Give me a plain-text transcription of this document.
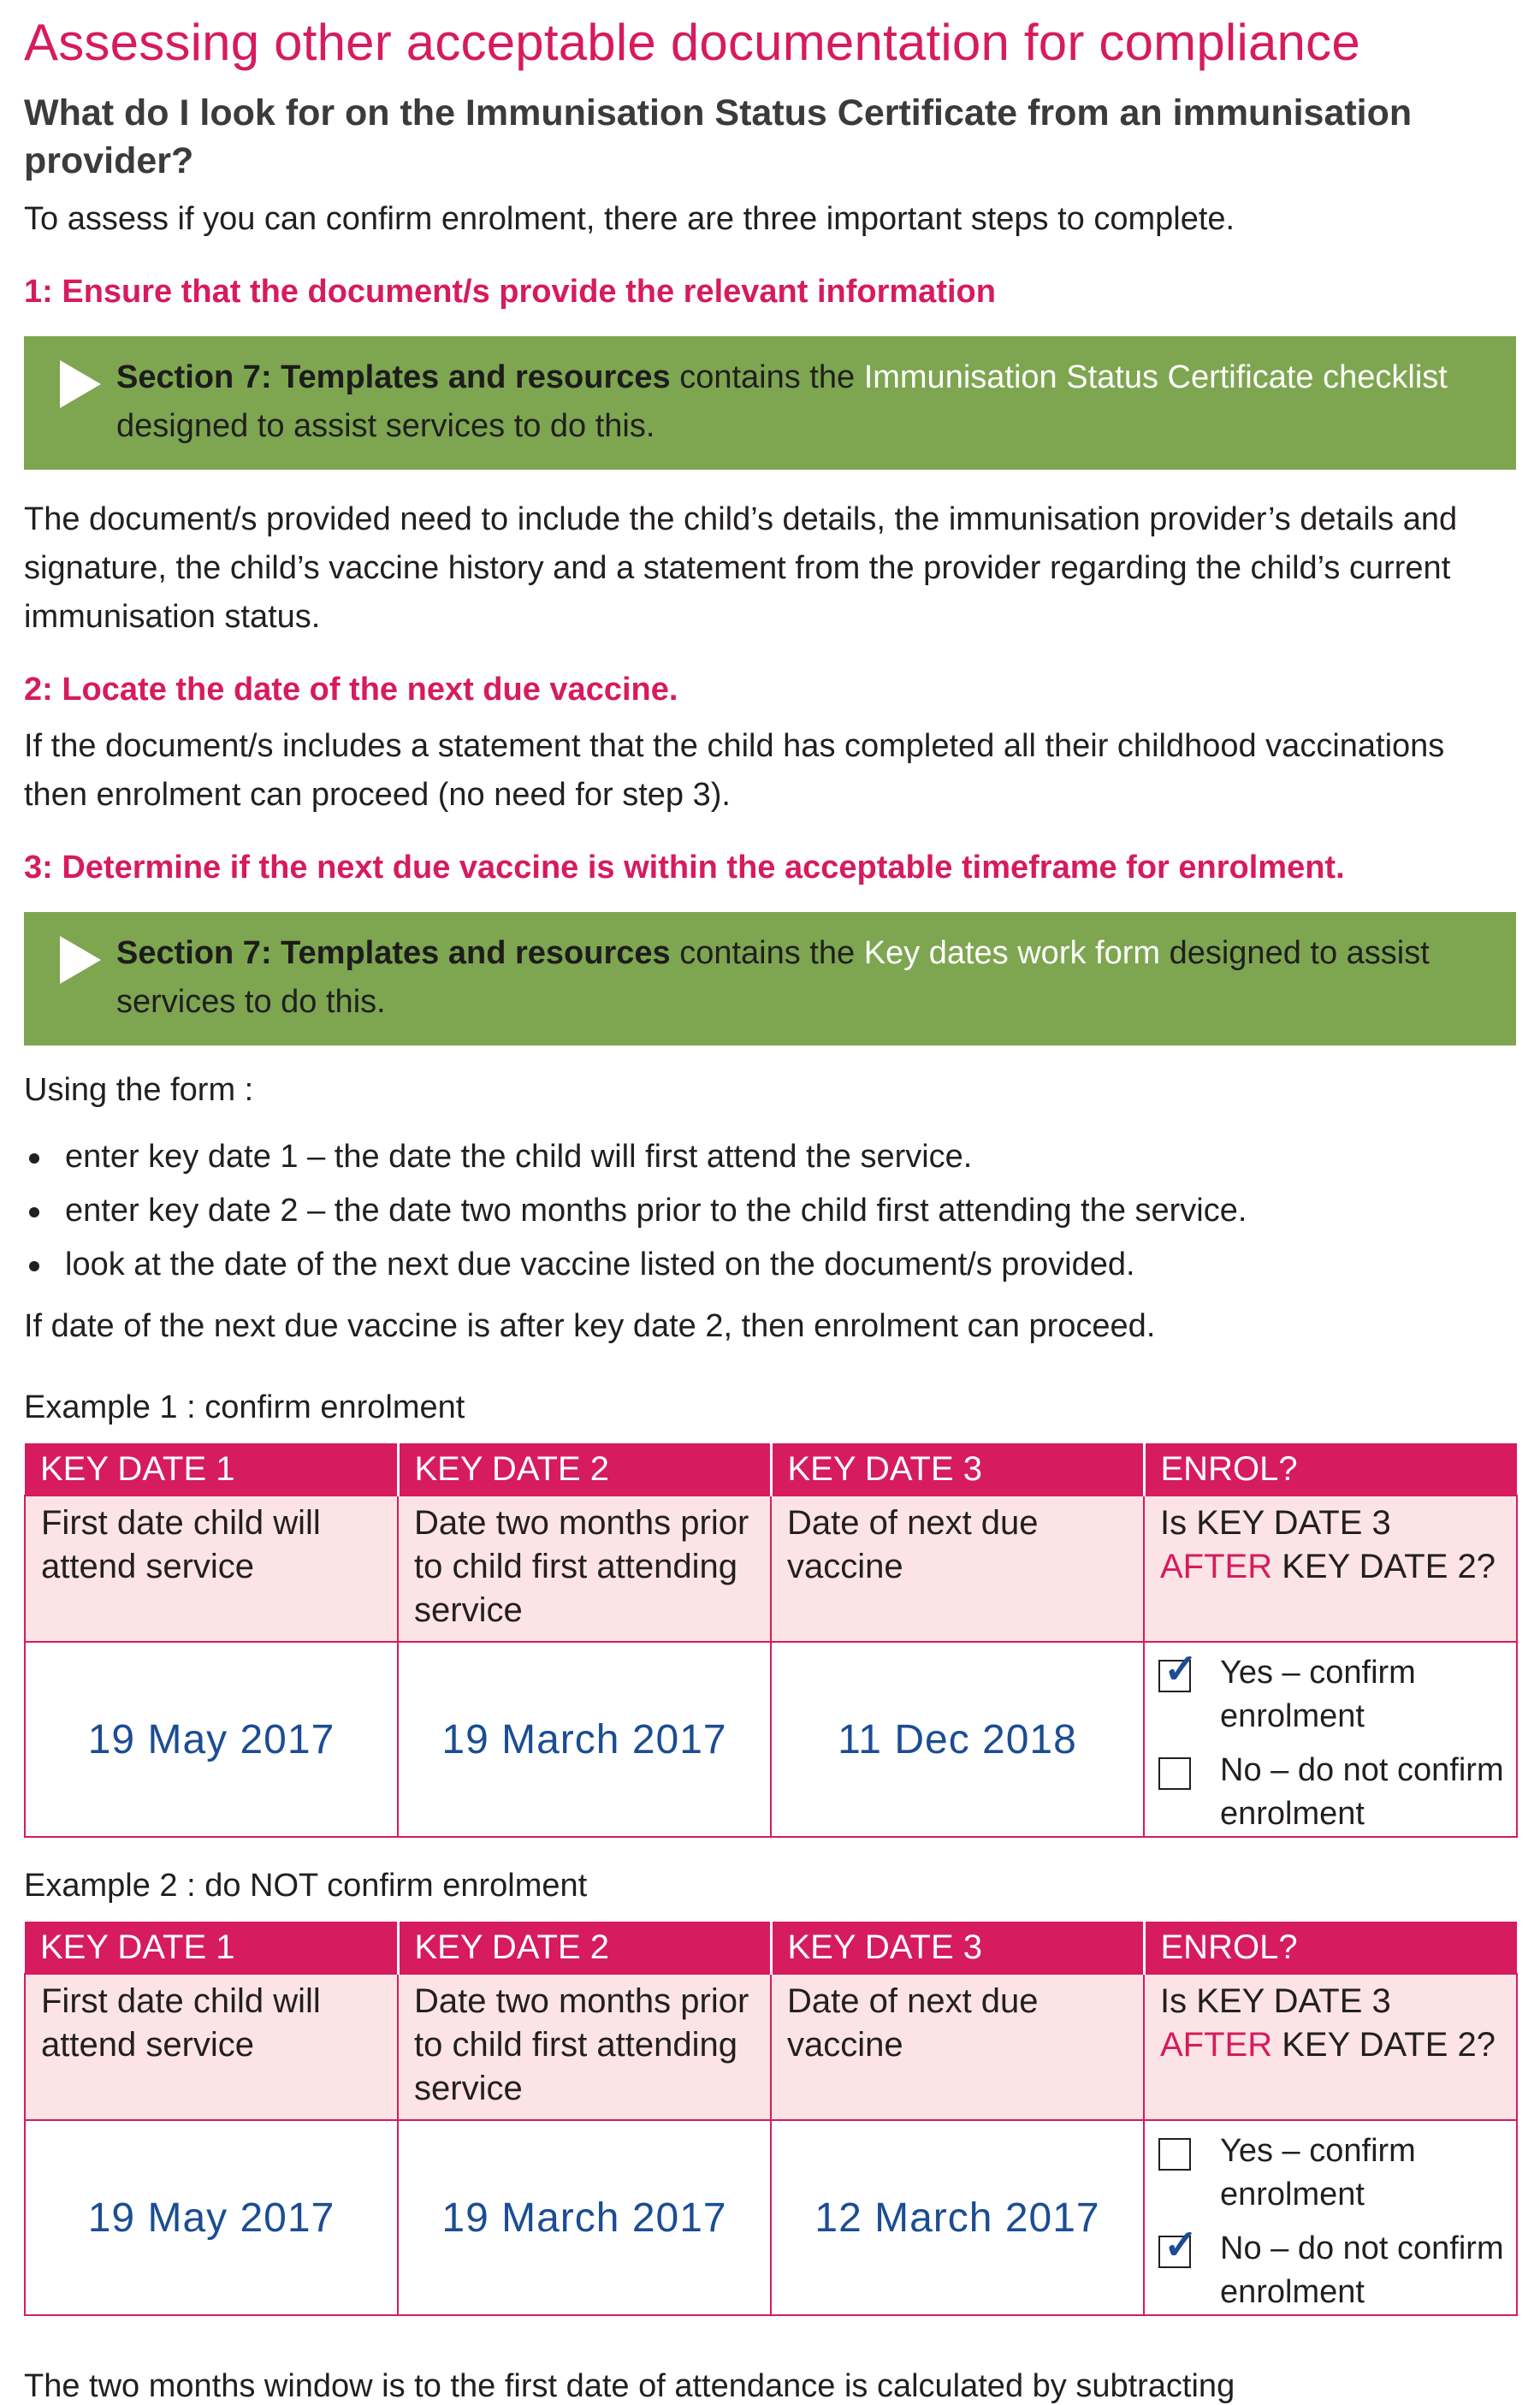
Assessing other acceptable documentation for compliance
What do I look for on the Immunisation Status Certificate from an immunisation provider?

To assess if you can confirm enrolment, there are three important steps to complete.

1: Ensure that the document/s provide the relevant information
Section 7: Templates and resources contains the Immunisation Status Certificate checklist designed to assist services to do this.

The document/s provided need to include the child’s details, the immunisation provider’s details and signature, the child’s vaccine history and a statement from the provider regarding the child’s current immunisation status.

2: Locate the date of the next due vaccine.

If the document/s includes a statement that the child has completed all their childhood vaccinations then enrolment can proceed (no need for step 3).

3: Determine if the next due vaccine is within the acceptable timeframe for enrolment.
Section 7: Templates and resources contains the Key dates work form designed to assist services to do this.

Using the form :

enter key date 1 – the date the child will first attend the service.
enter key date 2 – the date two months prior to the child first attending the service.
look at the date of the next due vaccine listed on the document/s provided.

If date of the next due vaccine is after key date 2, then enrolment can proceed.

Example 1 : confirm enrolment
KEY DATE 1	KEY DATE 2	KEY DATE 3	ENROL?
First date child will attend service	Date two months prior to child first attending service	Date of next due vaccine	Is KEY DATE 3 AFTER KEY DATE 2?
19 May 2017	19 March 2017	11 Dec 2018	✓ Yes – confirm enrolment
No – do not confirm enrolment
Example 2 : do NOT confirm enrolment
KEY DATE 1	KEY DATE 2	KEY DATE 3	ENROL?
First date child will attend service	Date two months prior to child first attending service	Date of next due vaccine	Is KEY DATE 3 AFTER KEY DATE 2?
19 May 2017	19 March 2017	12 March 2017	Yes – confirm enrolment
✓ No – do not confirm enrolment
The two months window is to the first date of attendance is calculated by subtracting
